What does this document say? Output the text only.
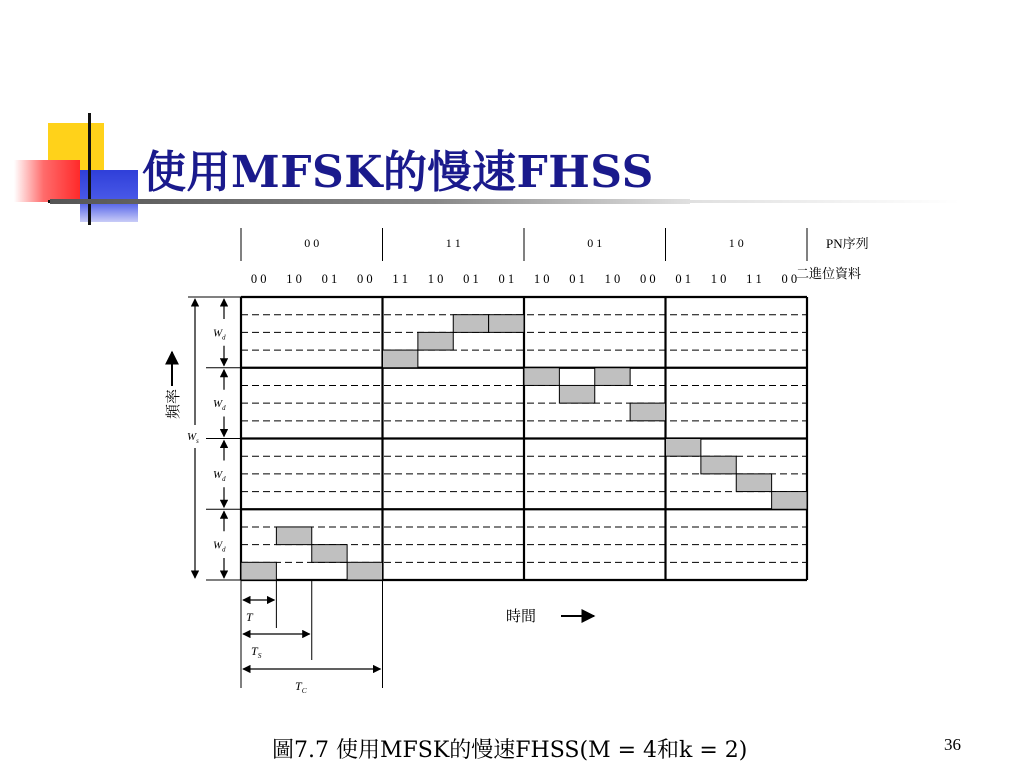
使用MFSK的慢速FHSS
0 0	1 1	0 1	1 0
0 0 1 0 0 1 0 0 1 1 1 0 0 1 0 1 1 0 0 1 1 0 0 0 0 1 1 0 1 1 0 0
$W_d$
$W_d$
$W_d$
$W_d$
$W_s$
T
$T_S$
$T_C$
PN序列
二進位資料
頻率
時間
圖7.7 使用MFSK的慢速FHSS(M = 4和k = 2)	36
